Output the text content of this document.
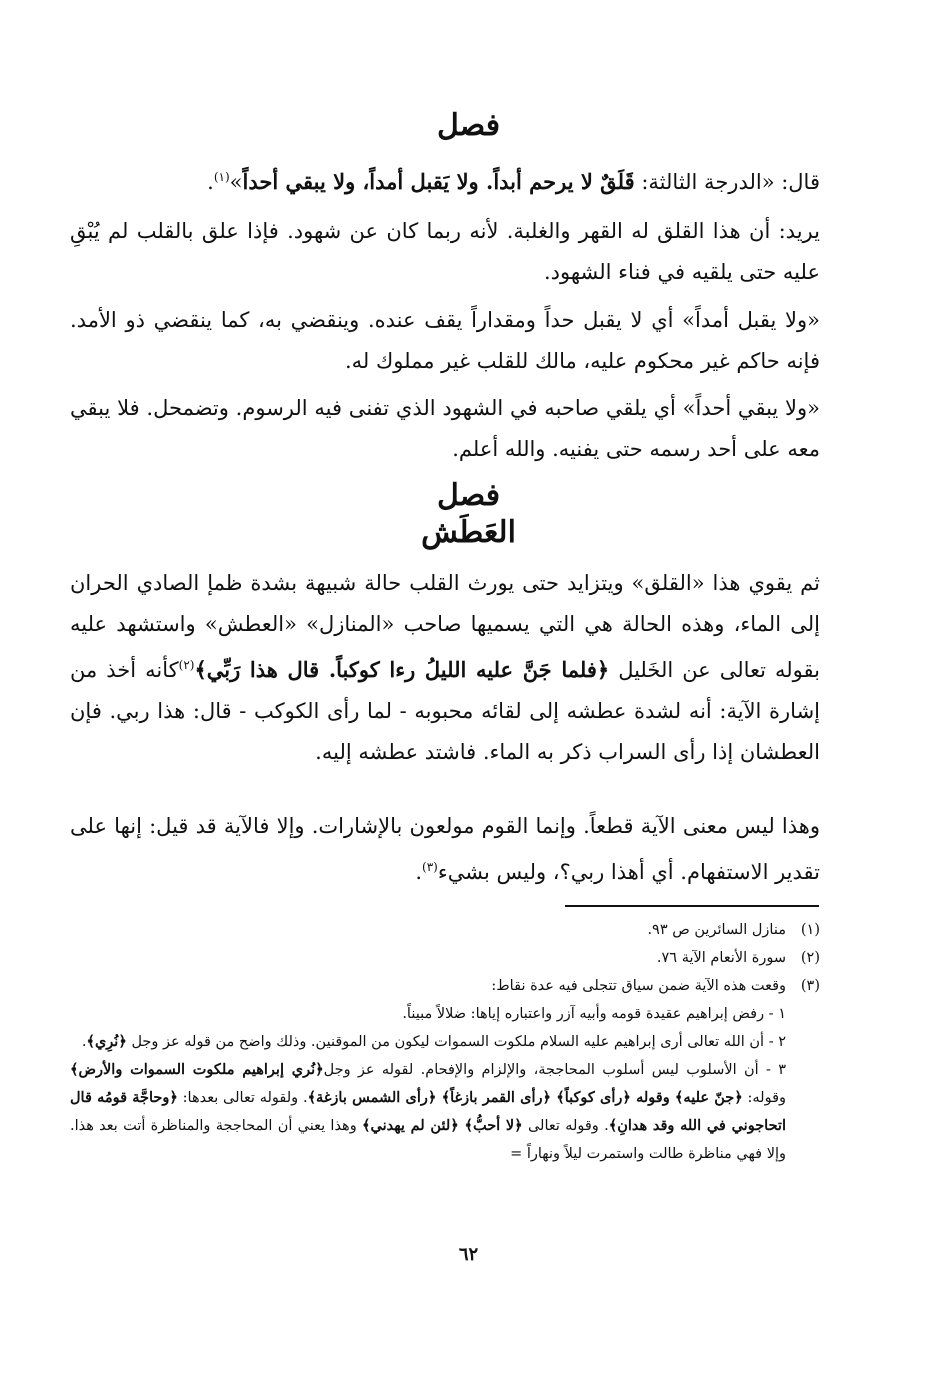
فصل
قال: «الدرجة الثالثة: قَلَقٌ لا يرحم أبداً. ولا يَقبل أمداً، ولا يبقي أحداً»$^{(١)}$.
يريد: أن هذا القلق له القهر والغلبة. لأنه ربما كان عن شهود. فإذا علق بالقلب لم يُبْقِ عليه حتى يلقيه في فناء الشهود.
«ولا يقبل أمداً» أي لا يقبل حداً ومقداراً يقف عنده. وينقضي به، كما ينقضي ذو الأمد. فإنه حاكم غير محكوم عليه، مالك للقلب غير مملوك له.
«ولا يبقي أحداً» أي يلقي صاحبه في الشهود الذي تفنى فيه الرسوم. وتضمحل. فلا يبقي معه على أحد رسمه حتى يفنيه. والله أعلم.
فصل
العَطَش
ثم يقوي هذا «القلق» ويتزايد حتى يورث القلب حالة شبيهة بشدة ظمإ الصادي الحران إلى الماء، وهذه الحالة هي التي يسميها صاحب «المنازل» «العطش» واستشهد عليه بقوله تعالى عن الخَليل ﴿فلما جَنَّ عليه الليلُ رءا كوكباً. قال هذا رَبِّي﴾$^{(٢)}$كأنه أخذ من إشارة الآية: أنه لشدة عطشه إلى لقائه محبوبه - لما رأى الكوكب - قال: هذا ربي. فإن العطشان إذا رأى السراب ذكر به الماء. فاشتد عطشه إليه.
وهذا ليس معنى الآية قطعاً. وإنما القوم مولعون بالإشارات. وإلا فالآية قد قيل: إنها على تقدير الاستفهام. أي أهذا ربي؟، وليس بشيء$^{(٣)}$.
(١)منازل السائرين ص ٩٣.
(٢)سورة الأنعام الآية ٧٦.
(٣)وقعت هذه الآية ضمن سياق تتجلى فيه عدة نقاط:
١ - رفض إبراهيم عقيدة قومه وأبيه آزر واعتباره إياها: ضلالاً مبيناً.
٢ - أن الله تعالى أرى إبراهيم عليه السلام ملكوت السموات ليكون من الموقنين. وذلك واضح من قوله عز وجل ﴿نُرِي﴾.
٣ - أن الأسلوب ليس أسلوب المحاججة، والإلزام والإفحام. لقوله عز وجل﴿نُري إبراهيم ملكوت السموات والأرض﴾ وقوله: ﴿جنّ عليه﴾ وقوله ﴿رأى كوكباً﴾ ﴿رأى القمر بازغاً﴾ ﴿رأى الشمس بازغة﴾. ولقوله تعالى بعدها: ﴿وحاجَّة قومُه قال اتحاجوني في الله وقد هدانِ﴾. وقوله تعالى ﴿لا أحبُّ﴾ ﴿لئن لم يهدني﴾ وهذا يعني أن المحاججة والمناظرة أتت بعد هذا. وإلا فهي مناظرة طالت واستمرت ليلاً ونهاراً =
٦٢
